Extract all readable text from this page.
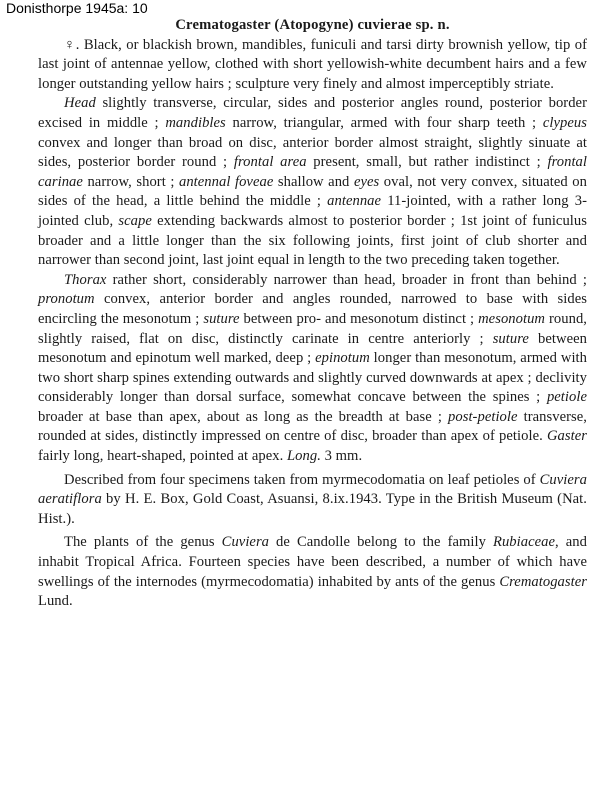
Donisthorpe 1945a: 10

Crematogaster (Atopogyne) cuvierae sp. n.

♀. Black, or blackish brown, mandibles, funiculi and tarsi dirty brownish yellow, tip of last joint of antennae yellow, clothed with short yellowish-white decumbent hairs and a few longer outstanding yellow hairs ; sculpture very finely and almost imperceptibly striate.

Head slightly transverse, circular, sides and posterior angles round, posterior border excised in middle ; mandibles narrow, triangular, armed with four sharp teeth ; clypeus convex and longer than broad on disc, anterior border almost straight, slightly sinuate at sides, posterior border round ; frontal area present, small, but rather indistinct ; frontal carinae narrow, short ; antennal foveae shallow and eyes oval, not very convex, situated on sides of the head, a little behind the middle ; antennae 11-jointed, with a rather long 3-jointed club, scape extending backwards almost to posterior border ; 1st joint of funiculus broader and a little longer than the six following joints, first joint of club shorter and narrower than second joint, last joint equal in length to the two preceding taken together.

Thorax rather short, considerably narrower than head, broader in front than behind ; pronotum convex, anterior border and angles rounded, narrowed to base with sides encircling the mesonotum ; suture between pro- and mesonotum distinct ; mesonotum round, slightly raised, flat on disc, distinctly carinate in centre anteriorly ; suture between mesonotum and epinotum well marked, deep ; epinotum longer than mesonotum, armed with two short sharp spines extending outwards and slightly curved downwards at apex ; declivity considerably longer than dorsal surface, somewhat concave between the spines ; petiole broader at base than apex, about as long as the breadth at base ; post-petiole transverse, rounded at sides, distinctly impressed on centre of disc, broader than apex of petiole. Gaster fairly long, heart-shaped, pointed at apex. Long. 3 mm.

Described from four specimens taken from myrmecodomatia on leaf petioles of Cuviera aeratiflora by H. E. Box, Gold Coast, Asuansi, 8.ix.1943. Type in the British Museum (Nat. Hist.).

The plants of the genus Cuviera de Candolle belong to the family Rubiaceae, and inhabit Tropical Africa. Fourteen species have been described, a number of which have swellings of the internodes (myrmecodomatia) inhabited by ants of the genus Crematogaster Lund.
